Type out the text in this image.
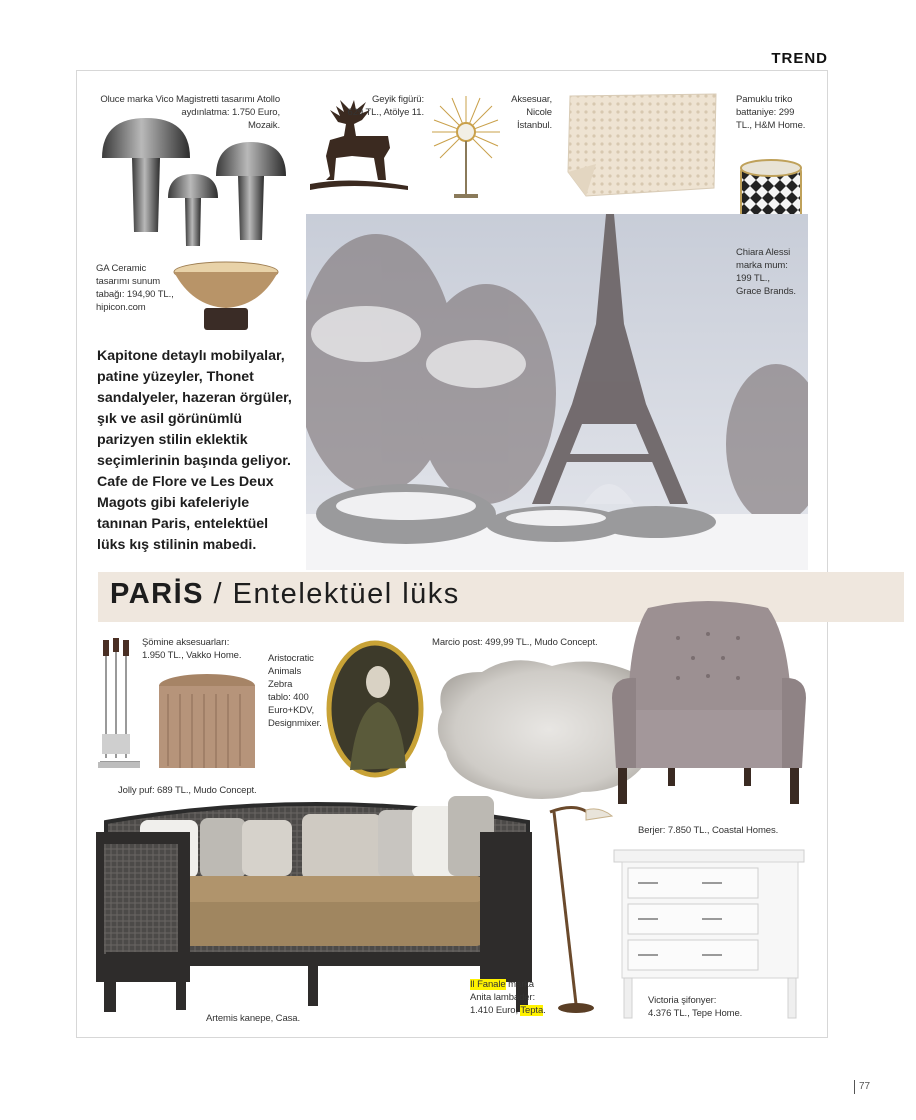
TREND
Kapitone detaylı mobilyalar, patine yüzeyler, Thonet sandalyeler, hazeran örgüler, şık ve asil görünümlü parizyen stilin eklektik seçimlerinin başında geliyor. Cafe de Flore ve Les Deux Magots gibi kafeleriyle tanınan Paris, entelektüel lüks kış stilinin mabedi.
PARİS / Entelektüel lüks
Oluce marka Vico Magistretti tasarımı Atollo
aydınlatma: 1.750 Euro,
Mozaik.
Geyik figürü:
629 TL., Atölye 11.
Aksesuar,
Nicole
İstanbul.
Pamuklu triko
battaniye: 299
TL., H&M Home.
Chiara Alessi
marka mum:
199 TL.,
Grace Brands.
GA Ceramic
tasarımı sunum
tabağı: 194,90 TL.,
hipicon.com
Şömine aksesuarları:
1.950 TL., Vakko Home.	Aristocratic
Animals
Zebra
tablo: 400
Euro+KDV,
Designmixer.
Marcio post: 499,99 TL., Mudo Concept.
Jolly puf: 689 TL., Mudo Concept.
Berjer: 7.850 TL., Coastal Homes.
Artemis kanepe, Casa.
Il Fanale marka
Anita lambader:
1.410 Euro, Tepta.
Victoria şifonyer:
4.376 TL., Tepe Home.
77
